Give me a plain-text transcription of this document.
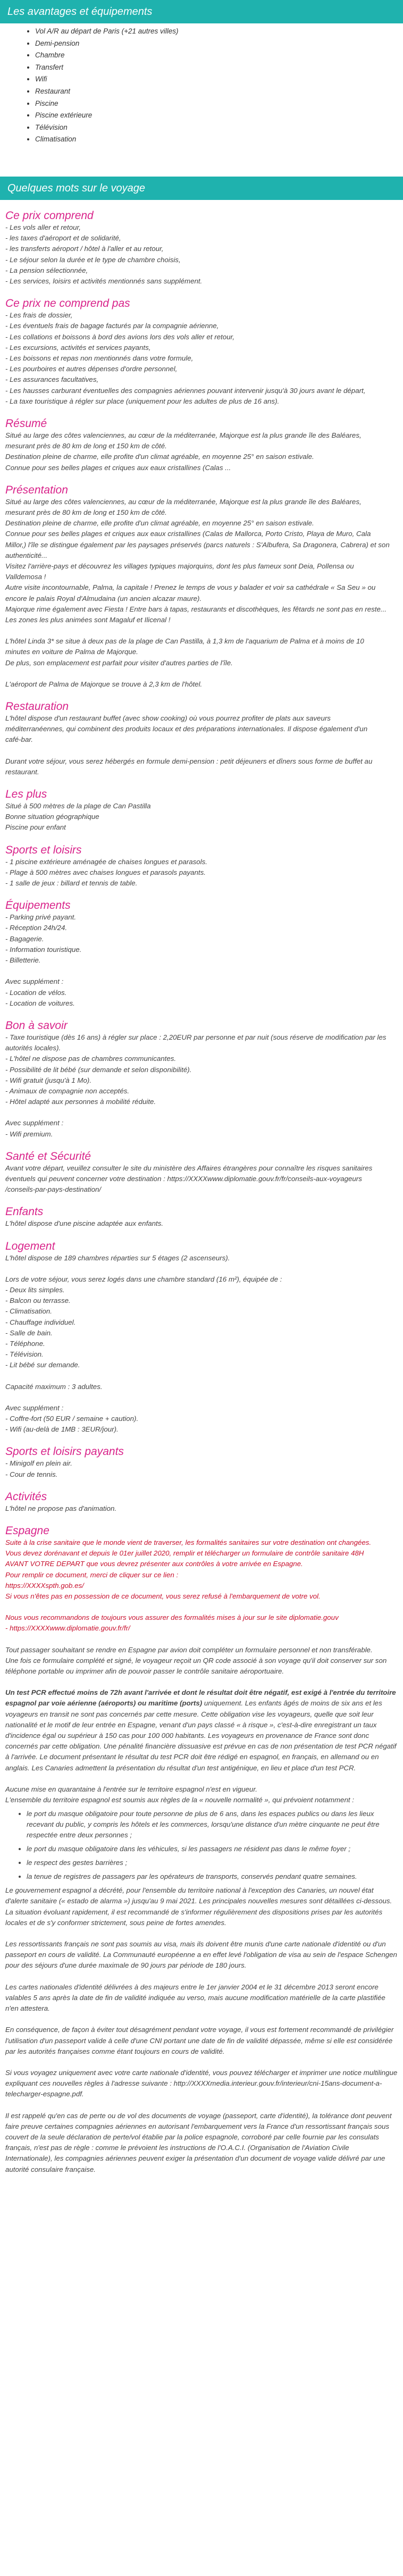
Les avantages et équipements
• Vol A/R au départ de Paris (+21 autres villes)
• Demi-pension
• Chambre
• Transfert
• Wifi
• Restaurant
• Piscine
• Piscine extérieure
• Télévision
• Climatisation
Quelques mots sur le voyage
Ce prix comprend

- Les vols aller et retour,

- les taxes d'aéroport et de solidarité,

- les transferts aéroport / hôtel à l'aller et au retour,

- Le séjour selon la durée et le type de chambre choisis,

- La pension sélectionnée,

- Les services, loisirs et activités mentionnés sans supplément.

Ce prix ne comprend pas

- Les frais de dossier,

- Les éventuels frais de bagage facturés par la compagnie aérienne,

- Les collations et boissons à bord des avions lors des vols aller et retour,

- Les excursions, activités et services payants,

- Les boissons et repas non mentionnés dans votre formule,

- Les pourboires et autres dépenses d'ordre personnel,

- Les assurances facultatives,

- Les hausses carburant éventuelles des compagnies aériennes pouvant intervenir jusqu'à 30 jours avant le départ,

- La taxe touristique à régler sur place (uniquement pour les adultes de plus de 16 ans).

Résumé

Situé au large des côtes valenciennes, au cœur de la méditerranée, Majorque est la plus grande île des Baléares,

mesurant près de 80 km de long et 150 km de côté.

Destination pleine de charme, elle profite d'un climat agréable, en moyenne 25° en saison estivale.

Connue pour ses belles plages et criques aux eaux cristallines (Calas ...

Présentation

Situé au large des côtes valenciennes, au cœur de la méditerranée, Majorque est la plus grande île des Baléares,

mesurant près de 80 km de long et 150 km de côté.

Destination pleine de charme, elle profite d'un climat agréable, en moyenne 25° en saison estivale.

Connue pour ses belles plages et criques aux eaux cristallines (Calas de Mallorca, Porto Cristo, Playa de Muro, Cala

Millor,) l'île se distingue également par les paysages préservés (parcs naturels : S'Albufera, Sa Dragonera, Cabrera) et son

authenticité...

Visitez l'arrière-pays et découvrez les villages typiques majorquins, dont les plus fameux sont Deia, Pollensa ou

Valldemosa !

Autre visite incontournable, Palma, la capitale ! Prenez le temps de vous y balader et voir sa cathédrale « Sa Seu » ou

encore le palais Royal d'Almudaina (un ancien alcazar maure).

Majorque rime également avec Fiesta ! Entre bars à tapas, restaurants et discothèques, les fêtards ne sont pas en reste...

Les zones les plus animées sont Magaluf et Ilicenal !

L'hôtel Linda 3* se situe à deux pas de la plage de Can Pastilla, à 1,3 km de l'aquarium de Palma et à moins de 10

minutes en voiture de Palma de Majorque.

De plus, son emplacement est parfait pour visiter d'autres parties de l'île.

L'aéroport de Palma de Majorque se trouve à 2,3 km de l'hôtel.

Restauration

L'hôtel dispose d'un restaurant buffet (avec show cooking) où vous pourrez profiter de plats aux saveurs

méditerranéennes, qui combinent des produits locaux et des préparations internationales. Il dispose également d'un

café-bar.

Durant votre séjour, vous serez hébergés en formule demi-pension : petit déjeuners et dîners sous forme de buffet au

restaurant.

Les plus

Situé à 500 mètres de la plage de Can Pastilla

Bonne situation géographique

Piscine pour enfant

Sports et loisirs

- 1 piscine extérieure aménagée de chaises longues et parasols.

- Plage à 500 mètres avec chaises longues et parasols payants.

- 1 salle de jeux : billard et tennis de table.

Équipements

- Parking privé payant.

- Réception 24h/24.

- Bagagerie.

- Information touristique.

- Billetterie.

Avec supplément :

- Location de vélos.

- Location de voitures.

Bon à savoir

- Taxe touristique (dès 16 ans) à régler sur place : 2,20EUR par personne et par nuit (sous réserve de modification par les

autorités locales).

- L'hôtel ne dispose pas de chambres communicantes.

- Possibilité de lit bébé (sur demande et selon disponibilité).

- Wifi gratuit (jusqu'à 1 Mo).

- Animaux de compagnie non acceptés.

- Hôtel adapté aux personnes à mobilité réduite.

Avec supplément :

- Wifi premium.

Santé et Sécurité

Avant votre départ, veuillez consulter le site du ministère des Affaires étrangères pour connaître les risques sanitaires

éventuels qui peuvent concerner votre destination : https://XXXXwww.diplomatie.gouv.fr/fr/conseils-aux-voyageurs

/conseils-par-pays-destination/

Enfants

L'hôtel dispose d'une piscine adaptée aux enfants.

Logement

L'hôtel dispose de 189 chambres réparties sur 5 étages (2 ascenseurs).

Lors de votre séjour, vous serez logés dans une chambre standard (16 m²), équipée de :

- Deux lits simples.

- Balcon ou terrasse.

- Climatisation.

- Chauffage individuel.

- Salle de bain.

- Téléphone.

- Télévision.

- Lit bébé sur demande.

Capacité maximum : 3 adultes.

Avec supplément :

- Coffre-fort (50 EUR / semaine + caution).

- Wifi (au-delà de 1MB : 3EUR/jour).

Sports et loisirs payants

- Minigolf en plein air.

- Cour de tennis.

Activités

L'hôtel ne propose pas d'animation.

Espagne

Suite à la crise sanitaire que le monde vient de traverser, les formalités sanitaires sur votre destination ont changées.

Vous devez dorénavant et depuis le 01er juillet 2020, remplir et télécharger un formulaire de contrôle sanitaire 48H

AVANT VOTRE DEPART que vous devrez présenter aux contrôles à votre arrivée en Espagne.

Pour remplir ce document, merci de cliquer sur ce lien :

https://XXXXspth.gob.es/

Si vous n'êtes pas en possession de ce document, vous serez refusé à l'embarquement de votre vol.

Nous vous recommandons de toujours vous assurer des formalités mises à jour sur le site diplomatie.gouv

- https://XXXXwww.diplomatie.gouv.fr/fr/

Tout passager souhaitant se rendre en Espagne par avion doit compléter un formulaire personnel et non transférable.

Une fois ce formulaire complété et signé, le voyageur reçoit un QR code associé à son voyage qu'il doit conserver sur son

téléphone portable ou imprimer afin de pouvoir passer le contrôle sanitaire aéroportuaire.

Un test PCR effectué moins de 72h avant l'arrivée et dont le résultat doit être négatif, est exigé à l'entrée du territoire espagnol par voie aérienne (aéroports) ou maritime (ports) uniquement. Les enfants âgés de moins de six ans et les voyageurs en transit ne sont pas concernés par cette mesure. Cette obligation vise les voyageurs, quelle que soit leur nationalité et le motif de leur entrée en Espagne, venant d'un pays classé « à risque », c'est-à-dire enregistrant un taux d'incidence égal ou supérieur à 150 cas pour 100 000 habitants. Les voyageurs en provenance de France sont donc concernés par cette obligation. Une pénalité financière dissuasive est prévue en cas de non présentation de test PCR négatif à l'arrivée. Le document présentant le résultat du test PCR doit être rédigé en espagnol, en français, en allemand ou en anglais. Les Canaries admettent la présentation du résultat d'un test antigénique, en lieu et place d'un test PCR.

Aucune mise en quarantaine à l'entrée sur le territoire espagnol n'est en vigueur.

L'ensemble du territoire espagnol est soumis aux règles de la « nouvelle normalité », qui prévoient notamment :

• le port du masque obligatoire pour toute personne de plus de 6 ans, dans les espaces publics ou dans les lieux recevant du public, y compris les hôtels et les commerces, lorsqu'une distance d'un mètre cinquante ne peut être respectée entre deux personnes ;
• le port du masque obligatoire dans les véhicules, si les passagers ne résident pas dans le même foyer ;
• le respect des gestes barrières ;
• la tenue de registres de passagers par les opérateurs de transports, conservés pendant quatre semaines.

Le gouvernement espagnol a décrété, pour l'ensemble du territoire national à l'exception des Canaries, un nouvel état d'alerte sanitaire (« estado de alarma ») jusqu'au 9 mai 2021. Les principales nouvelles mesures sont détaillées ci-dessous. La situation évoluant rapidement, il est recommandé de s'informer régulièrement des dispositions prises par les autorités locales et de s'y conformer strictement, sous peine de fortes amendes.

Les ressortissants français ne sont pas soumis au visa, mais ils doivent être munis d'une carte nationale d'identité ou d'un passeport en cours de validité. La Communauté européenne a en effet levé l'obligation de visa au sein de l'espace Schengen pour des séjours d'une durée maximale de 90 jours par période de 180 jours.

Les cartes nationales d'identité délivrées à des majeurs entre le 1er janvier 2004 et le 31 décembre 2013 seront encore valables 5 ans après la date de fin de validité indiquée au verso, mais aucune modification matérielle de la carte plastifiée n'en attestera.

En conséquence, de façon à éviter tout désagrément pendant votre voyage, il vous est fortement recommandé de privilégier l'utilisation d'un passeport valide à celle d'une CNI portant une date de fin de validité dépassée, même si elle est considérée par les autorités françaises comme étant toujours en cours de validité.

Si vous voyagez uniquement avec votre carte nationale d'identité, vous pouvez télécharger et imprimer une notice multilingue expliquant ces nouvelles règles à l'adresse suivante : http://XXXXmedia.interieur.gouv.fr/interieur/cni-15ans-document-a-telecharger-espagne.pdf.

Il est rappelé qu'en cas de perte ou de vol des documents de voyage (passeport, carte d'identité), la tolérance dont peuvent faire preuve certaines compagnies aériennes en autorisant l'embarquement vers la France d'un ressortissant français sous couvert de la seule déclaration de perte/vol établie par la police espagnole, corroboré par celle fournie par les consulats français, n'est pas de règle : comme le prévoient les instructions de l'O.A.C.I. (Organisation de l'Aviation Civile Internationale), les compagnies aériennes peuvent exiger la présentation d'un document de voyage valide délivré par une autorité consulaire française.
